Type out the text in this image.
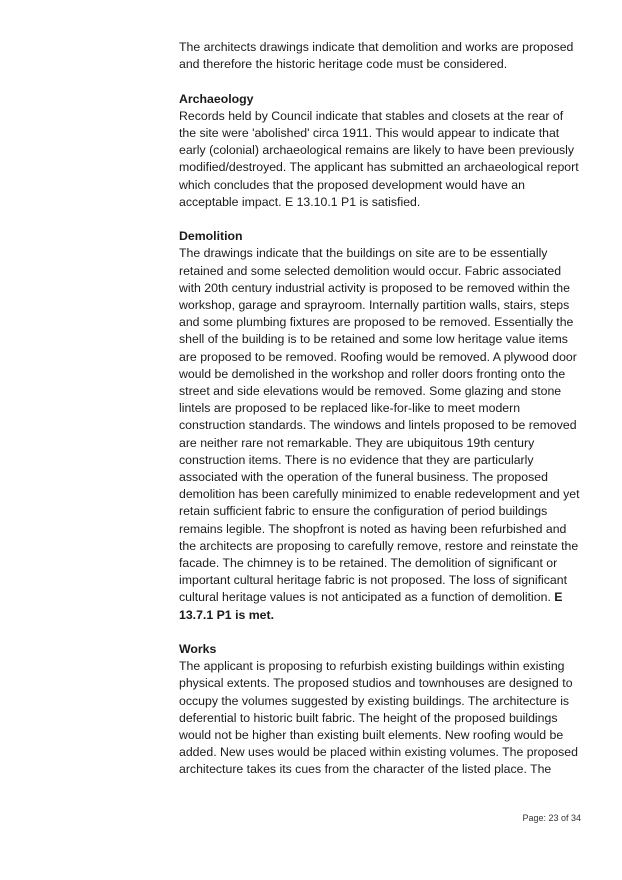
The architects drawings indicate that demolition and works are proposed and therefore the historic heritage code must be considered.

Archaeology

Records held by Council indicate that stables and closets at the rear of the site were 'abolished' circa 1911. This would appear to indicate that early (colonial) archaeological remains are likely to have been previously modified/destroyed. The applicant has submitted an archaeological report which concludes that the proposed development would have an acceptable impact. E 13.10.1 P1 is satisfied.

Demolition

The drawings indicate that the buildings on site are to be essentially retained and some selected demolition would occur. Fabric associated with 20th century industrial activity is proposed to be removed within the workshop, garage and sprayroom. Internally partition walls, stairs, steps and some plumbing fixtures are proposed to be removed. Essentially the shell of the building is to be retained and some low heritage value items are proposed to be removed. Roofing would be removed. A plywood door would be demolished in the workshop and roller doors fronting onto the street and side elevations would be removed. Some glazing and stone lintels are proposed to be replaced like-for-like to meet modern construction standards. The windows and lintels proposed to be removed are neither rare not remarkable. They are ubiquitous 19th century construction items. There is no evidence that they are particularly associated with the operation of the funeral business. The proposed demolition has been carefully minimized to enable redevelopment and yet retain sufficient fabric to ensure the configuration of period buildings remains legible. The shopfront is noted as having been refurbished and the architects are proposing to carefully remove, restore and reinstate the facade. The chimney is to be retained. The demolition of significant or important cultural heritage fabric is not proposed. The loss of significant cultural heritage values is not anticipated as a function of demolition. E 13.7.1 P1 is met.

Works

The applicant is proposing to refurbish existing buildings within existing physical extents. The proposed studios and townhouses are designed to occupy the volumes suggested by existing buildings. The architecture is deferential to historic built fabric. The height of the proposed buildings would not be higher than existing built elements. New roofing would be added. New uses would be placed within existing volumes. The proposed architecture takes its cues from the character of the listed place. The

Page: 23 of 34
